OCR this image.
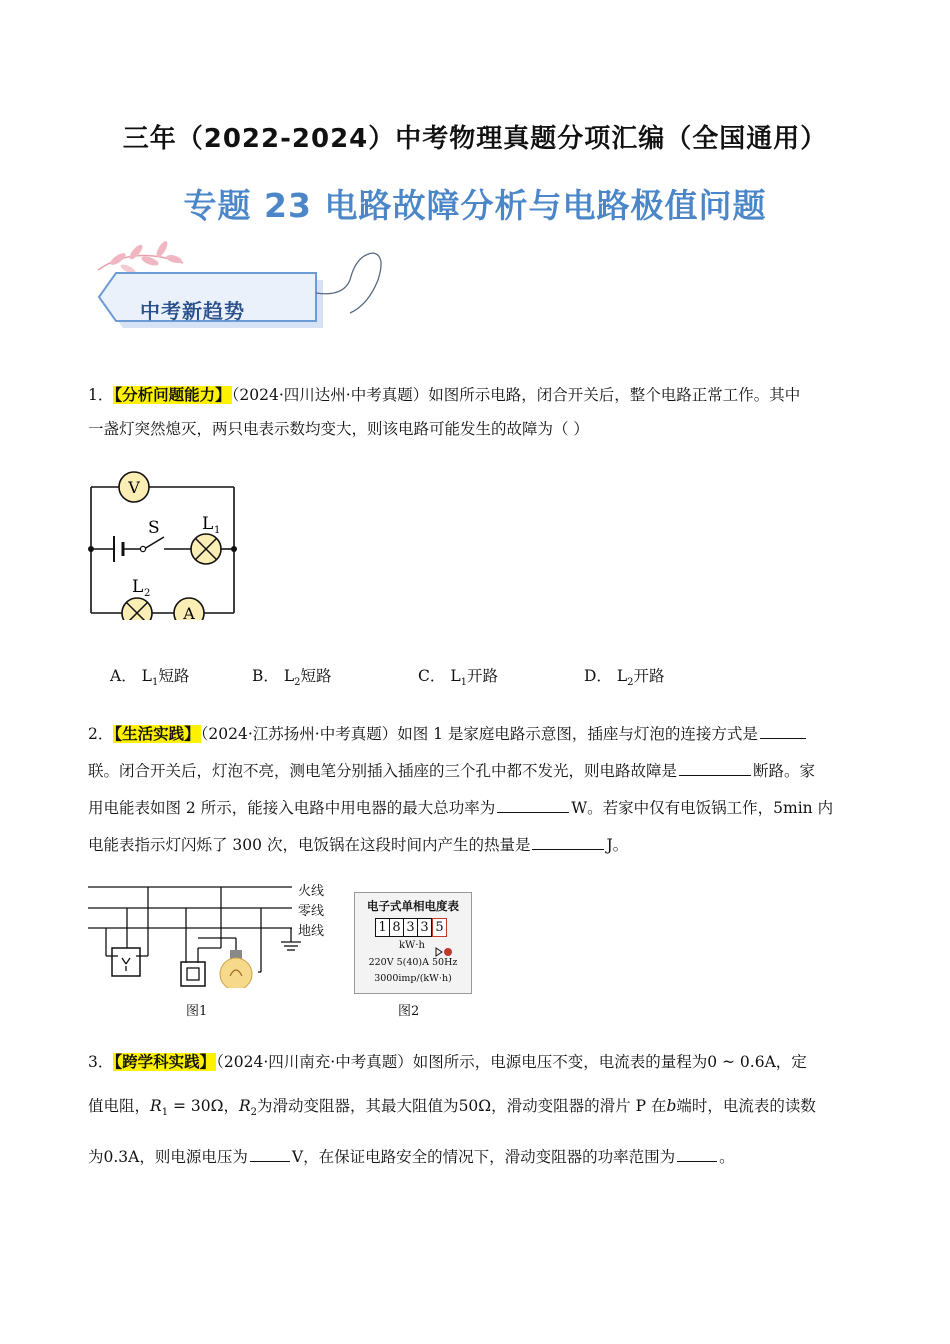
三年（2022-2024）中考物理真题分项汇编（全国通用）
专题 23 电路故障分析与电路极值问题
中考新趋势
1．【分析问题能力】（2024·四川达州·中考真题）如图所示电路，闭合开关后，整个电路正常工作。其中
一盏灯突然熄灭，两只电表示数均变大，则该电路可能发生的故障为（ ）
V
A
S L 1
L 2
A． $L_1$短路	B． $L_2$短路	C． $L_1$开路	D． $L_2$开路
2．【生活实践】（2024·江苏扬州·中考真题）如图 1 是家庭电路示意图，插座与灯泡的连接方式是
联。闭合开关后，灯泡不亮，测电笔分别插入插座的三个孔中都不发光，则电路故障是	断路。家
用电能表如图 2 所示，能接入电路中用电器的最大总功率为	W。若家中仅有电饭锅工作，5min 内
电能表指示灯闪烁了 300 次，电饭锅在这段时间内产生的热量是	J。
火线
零线
地线
图1
电子式单相电度表
1 8 3 3 5
kW·h
220V 5(40)A 50Hz
3000imp/(kW·h)
图2
3．【跨学科实践】（2024·四川南充·中考真题）如图所示，电源电压不变，电流表的量程为0 ~ 0.6A，定
值电阻，$R_1 = 30\Omega$，$R_2$为滑动变阻器，其最大阻值为50Ω，滑动变阻器的滑片 P 在b端时，电流表的读数
为0.3A，则电源电压为	V，在保证电路安全的情况下，滑动变阻器的功率范围为	。
